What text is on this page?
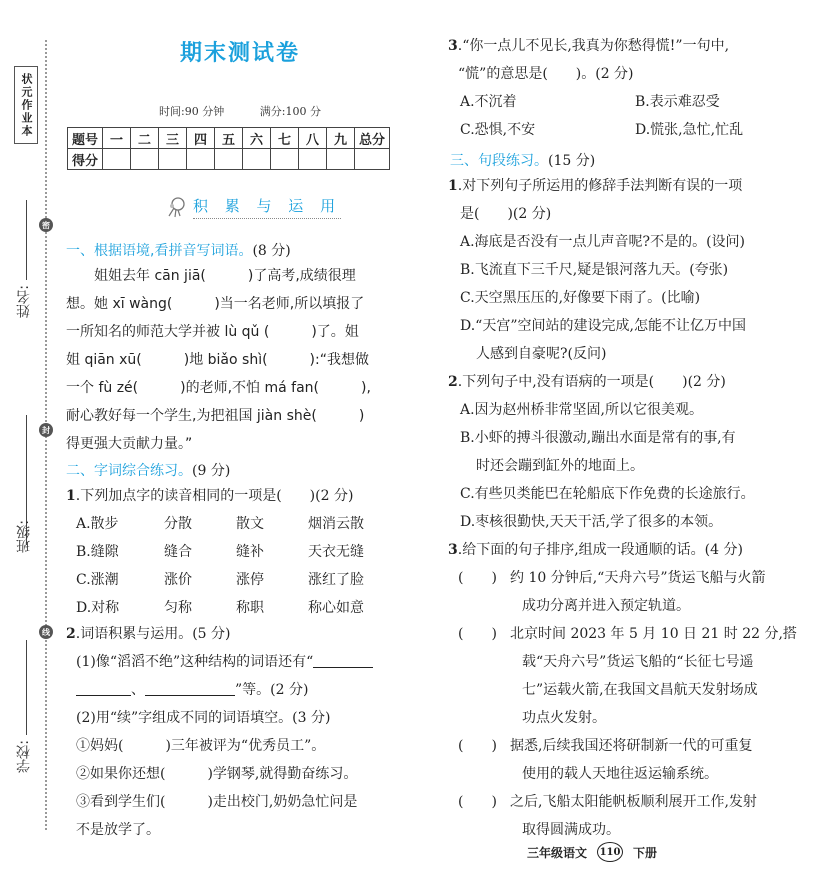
状元作业本
密
封
线
姓名:
班级:
学校:
期末测试卷
时间:90 分钟	满分:100 分
题号	一	二	三	四	五	六	七	八	九	总分
得分										
积 累 与 运 用
一、根据语境,看拼音写词语。(8 分)
　　姐姐去年 cān jiā(　　　)了高考,成绩很理
想。她 xī wàng(　　　)当一名老师,所以填报了
一所知名的师范大学并被 lù qǔ (　　　)了。姐
姐 qiān xū(　　　)地 biǎo shì(　　　):“我想做
一个 fù zé(　　　)的老师,不怕 má fan(　　　),
耐心教好每一个学生,为把祖国 jiàn shè(　　　)
得更强大贡献力量。”
二、字词综合练习。(9 分)
1.下列加点字的读音相同的一项是(　　)(2 分)
A.散步	分散	散文	烟消云散
B.缝隙	缝合	缝补	天衣无缝
C.涨潮	涨价	涨停	涨红了脸
D.对称	匀称	称职	称心如意
2.词语积累与运用。(5 分)
(1)像“滔滔不绝”这种结构的词语还有“
、	”等。(2 分)
(2)用“续”字组成不同的词语填空。(3 分)
①妈妈(　　　)三年被评为“优秀员工”。
②如果你还想(　　　)学钢琴,就得勤奋练习。
③看到学生们(　　　)走出校门,奶奶急忙问是
不是放学了。
3.“你一点儿不见长,我真为你愁得慌!”一句中,
“慌”的意思是(　　)。(2 分)
A.不沉着	B.表示难忍受
C.恐惧,不安	D.慌张,急忙,忙乱
三、句段练习。(15 分)
1.对下列句子所运用的修辞手法判断有误的一项
是(　　)(2 分)
A.海底是否没有一点儿声音呢?不是的。(设问)
B.飞流直下三千尺,疑是银河落九天。(夸张)
C.天空黑压压的,好像要下雨了。(比喻)
D.“天宫”空间站的建设完成,怎能不让亿万中国
人感到自豪呢?(反问)
2.下列句子中,没有语病的一项是(　　)(2 分)
A.因为赵州桥非常坚固,所以它很美观。
B.小虾的搏斗很激动,蹦出水面是常有的事,有
时还会蹦到缸外的地面上。
C.有些贝类能巴在轮船底下作免费的长途旅行。
D.枣核很勤快,天天干活,学了很多的本领。
3.给下面的句子排序,组成一段通顺的话。(4 分)
(　　) 约 10 分钟后,“天舟六号”货运飞船与火箭
成功分离并进入预定轨道。
(　　) 北京时间 2023 年 5 月 10 日 21 时 22 分,搭
载“天舟六号”货运飞船的“长征七号遥
七”运载火箭,在我国文昌航天发射场成
功点火发射。
(　　) 据悉,后续我国还将研制新一代的可重复
使用的载人天地往返运输系统。
(　　) 之后,飞船太阳能帆板顺利展开工作,发射
取得圆满成功。
三年级语文 110 下册
